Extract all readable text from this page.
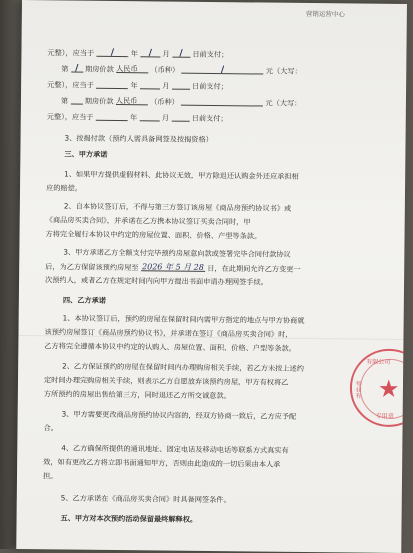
营销运营中心
元整），应当于 / 年 / 月 / 日前支付；
第 / 期房价款 人民币 （币种）	/	元（大写：
元整），应当于	年	月	日前支付；
第 期房价款 人民币 （币种）	元（大写：
元整），应当于	年	月	日前支付；
3、按揭付款（预约人需具备网签及按揭资格）
三、甲方承诺
1、如果甲方提供虚假材料、此协议无效，甲方除退还认购金外还应承担相
应的赔偿。
2、自本协议签订后，不得与第三方签订该房屋《商品房预约协议书》或
《商品房买卖合同》，并承诺在乙方携本协议签订买卖合同时，甲
方将完全履行本协议中约定的房屋位置、面积、价格、产型等条款。
3、甲方承诺乙方全额支付完毕预约房屋意向款或签署完毕合同付款协议
后，为乙方保留该预约房屋至 2026 年 5 月 28 日，在此期间允许乙方变更一
次预约人，或者乙方在规定时间内向甲方提出书面申请办理网签手续。
四、乙方承诺
1、本协议签订后，预约的房屋在保留时间内需甲方指定的地点与甲方协商就
该预约房屋签订《商品房预约协议书》，并承诺在签订《商品房买卖合同》时,
乙方将完全遵循本协议中约定的认购人、房屋位置、面积、价格、户型等条款。
2、乙方保证预约的房屋在保留时间内办理购房相关手续，若乙方未按上述约
定时间办理完购房相关手续，则表示乙方自愿放弃该预约房屋，甲方有权将乙
方所预约的房屋出售给第三方，同时退还乙方所交诚意款。
3、甲方需要更改商品房预约协议内容的，经双方协商一致后，乙方应予配
合。
4、乙方确保所提供的通讯地址、固定电话及移动电话等联系方式真实有
效，如有更改乙方将立即书面通知甲方，否则由此造成的一切后果由本人承
担。
5、乙方承诺在《商品房买卖合同》时具备网签条件。
五、甲方对本次预约活动保留最终解释权。
★
有限公司
号业有
专用章
